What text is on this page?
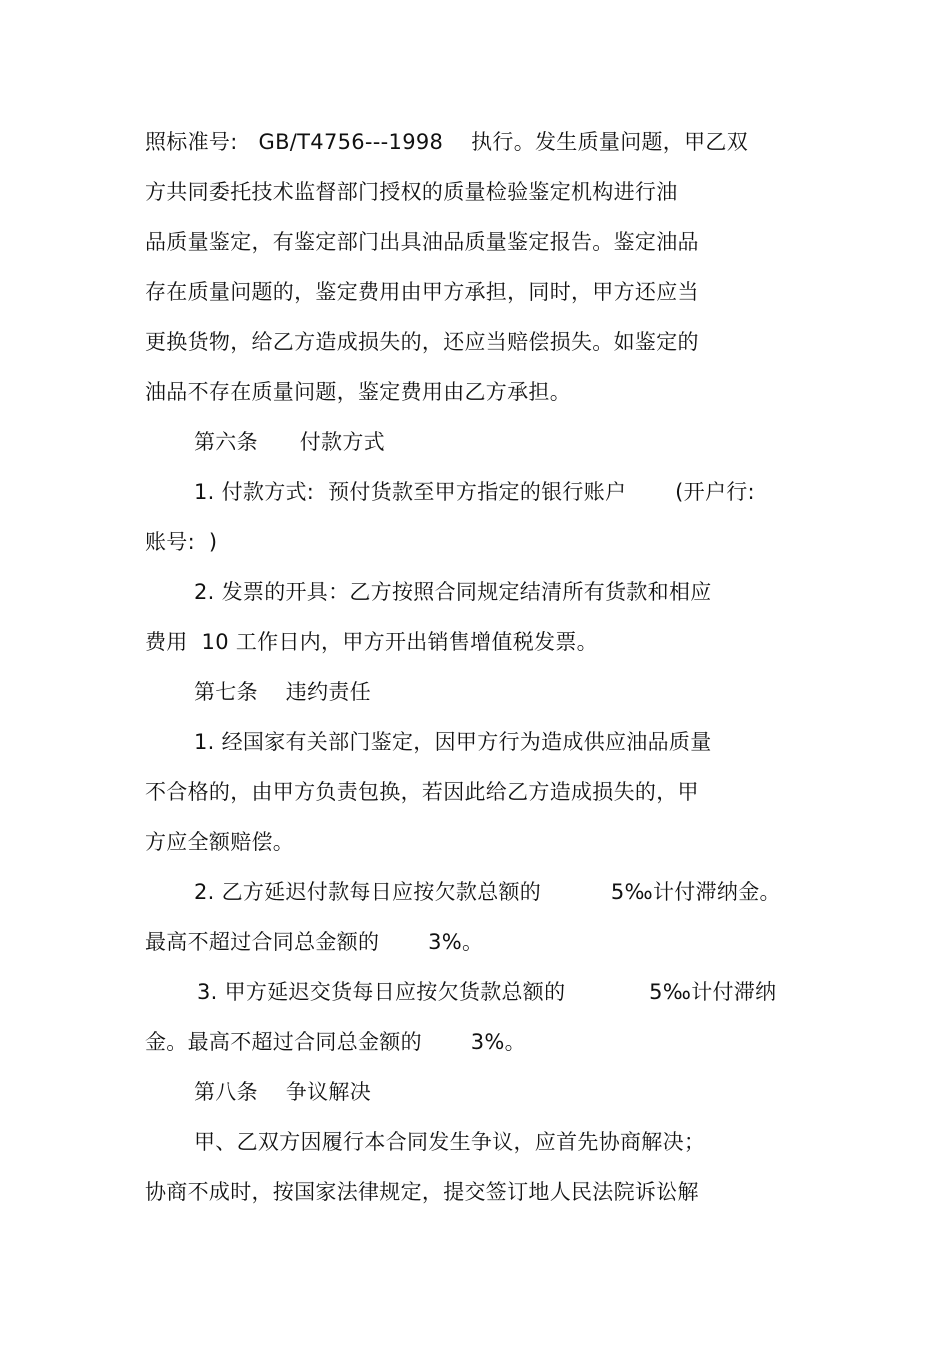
照标准号:   GB/T4756---1998    执行。发生质量问题，甲乙双
方共同委托技术监督部门授权的质量检验鉴定机构进行油
品质量鉴定，有鉴定部门出具油品质量鉴定报告。鉴定油品
存在质量问题的，鉴定费用由甲方承担，同时，甲方还应当
更换货物，给乙方造成损失的，还应当赔偿损失。如鉴定的
油品不存在质量问题，鉴定费用由乙方承担。
第六条      付款方式
1. 付款方式:  预付货款至甲方指定的银行账户       (开户行:
账号:  )
2. 发票的开具：乙方按照合同规定结清所有货款和相应
费用  10 工作日内，甲方开出销售增值税发票。
第七条    违约责任
1. 经国家有关部门鉴定，因甲方行为造成供应油品质量
不合格的，由甲方负责包换，若因此给乙方造成损失的，甲
方应全额赔偿。
2. 乙方延迟付款每日应按欠款总额的          5‰计付滞纳金。
最高不超过合同总金额的       3%。
3. 甲方延迟交货每日应按欠货款总额的            5‰计付滞纳
金。最高不超过合同总金额的       3%。
第八条    争议解决
甲、乙双方因履行本合同发生争议，应首先协商解决；
协商不成时，按国家法律规定，提交签订地人民法院诉讼解
